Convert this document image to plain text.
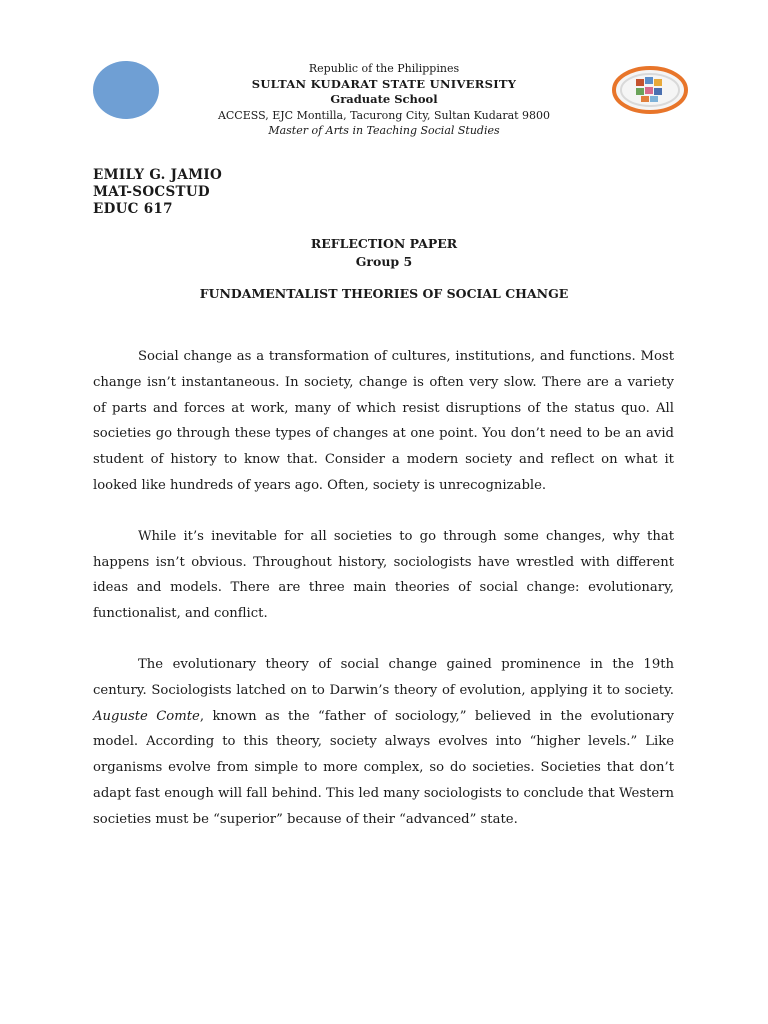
Republic of the Philippines
SULTAN KUDARAT STATE UNIVERSITY
Graduate School
ACCESS, EJC Montilla, Tacurong City, Sultan Kudarat 9800
Master of Arts in Teaching Social Studies
EMILY G. JAMIO
MAT-SOCSTUD
EDUC 617
REFLECTION PAPER
Group 5
FUNDAMENTALIST THEORIES OF SOCIAL CHANGE

Social change as a transformation of cultures, institutions, and functions. Most change isn’t instantaneous. In society, change is often very slow. There are a variety of parts and forces at work, many of which resist disruptions of the status quo. All societies go through these types of changes at one point. You don’t need to be an avid student of history to know that. Consider a modern society and reflect on what it looked like hundreds of years ago. Often, society is unrecognizable.

While it’s inevitable for all societies to go through some changes, why that happens isn’t obvious. Throughout history, sociologists have wrestled with different ideas and models. There are three main theories of social change: evolutionary, functionalist, and conflict.

The evolutionary theory of social change gained prominence in the 19th century. Sociologists latched on to Darwin’s theory of evolution, applying it to society. Auguste Comte, known as the “father of sociology,” believed in the evolutionary model. According to this theory, society always evolves into “higher levels.” Like organisms evolve from simple to more complex, so do societies. Societies that don’t adapt fast enough will fall behind. This led many sociologists to conclude that Western societies must be “superior” because of their “advanced” state.
